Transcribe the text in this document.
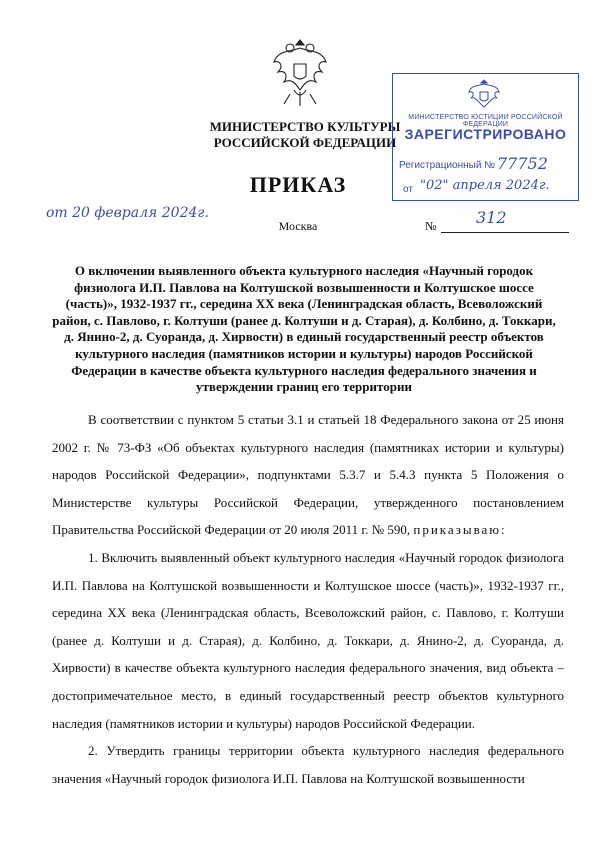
МИНИСТЕРСТВО КУЛЬТУРЫ
РОССИЙСКОЙ ФЕДЕРАЦИИ
МИНИСТЕРСТВО ЮСТИЦИИ РОССИЙСКОЙ ФЕДЕРАЦИИ
ЗАРЕГИСТРИРОВАНО
Регистрационный № 77752
от "02" апреля 2024г.
ПРИКАЗ
от 20 февраля 2024г.
Москва	№ 312
О включении выявленного объекта культурного наследия «Научный городок физиолога И.П. Павлова на Колтушской возвышенности и Колтушское шоссе (часть)», 1932-1937 гг., середина XX века (Ленинградская область, Всеволожский район, с. Павлово, г. Колтуши (ранее д. Колтуши и д. Старая), д. Колбино, д. Токкари, д. Янино-2, д. Суоранда, д. Хирвости) в единый государственный реестр объектов культурного наследия (памятников истории и культуры) народов Российской Федерации в качестве объекта культурного наследия федерального значения и утверждении границ его территории

В соответствии с пунктом 5 статьи 3.1 и статьей 18 Федерального закона от 25 июня 2002 г. № 73-ФЗ «Об объектах культурного наследия (памятниках истории и культуры) народов Российской Федерации», подпунктами 5.3.7 и 5.4.3 пункта 5 Положения о Министерстве культуры Российской Федерации, утвержденного постановлением Правительства Российской Федерации от 20 июля 2011 г. № 590, приказываю:

1. Включить выявленный объект культурного наследия «Научный городок физиолога И.П. Павлова на Колтушской возвышенности и Колтушское шоссе (часть)», 1932-1937 гг., середина XX века (Ленинградская область, Всеволожский район, с. Павлово, г. Колтуши (ранее д. Колтуши и д. Старая), д. Колбино, д. Токкари, д. Янино-2, д. Суоранда, д. Хирвости) в качестве объекта культурного наследия федерального значения, вид объекта – достопримечательное место, в единый государственный реестр объектов культурного наследия (памятников истории и культуры) народов Российской Федерации.

2. Утвердить границы территории объекта культурного наследия федерального значения «Научный городок физиолога И.П. Павлова на Колтушской возвышенности
